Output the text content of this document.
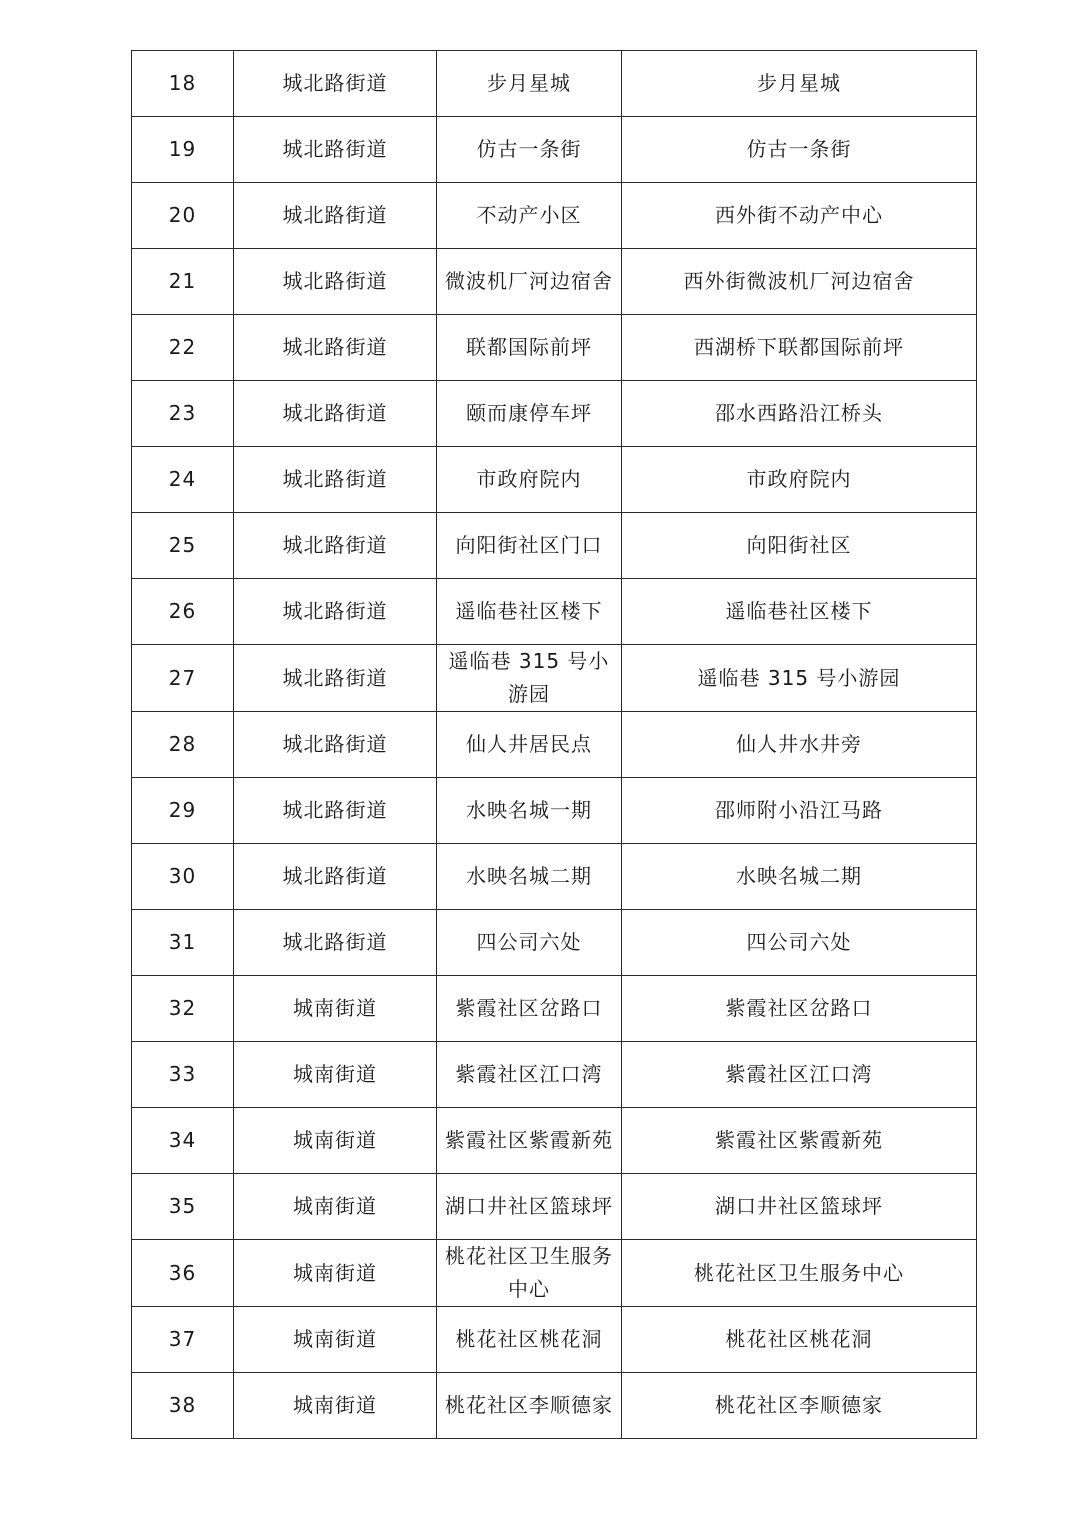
18	城北路街道	步月星城	步月星城
19	城北路街道	仿古一条街	仿古一条街
20	城北路街道	不动产小区	西外街不动产中心
21	城北路街道	微波机厂河边宿舍	西外街微波机厂河边宿舍
22	城北路街道	联都国际前坪	西湖桥下联都国际前坪
23	城北路街道	颐而康停车坪	邵水西路沿江桥头
24	城北路街道	市政府院内	市政府院内
25	城北路街道	向阳街社区门口	向阳街社区
26	城北路街道	遥临巷社区楼下	遥临巷社区楼下
27	城北路街道	遥临巷 315 号小游园	遥临巷 315 号小游园
28	城北路街道	仙人井居民点	仙人井水井旁
29	城北路街道	水映名城一期	邵师附小沿江马路
30	城北路街道	水映名城二期	水映名城二期
31	城北路街道	四公司六处	四公司六处
32	城南街道	紫霞社区岔路口	紫霞社区岔路口
33	城南街道	紫霞社区江口湾	紫霞社区江口湾
34	城南街道	紫霞社区紫霞新苑	紫霞社区紫霞新苑
35	城南街道	湖口井社区篮球坪	湖口井社区篮球坪
36	城南街道	桃花社区卫生服务中心	桃花社区卫生服务中心
37	城南街道	桃花社区桃花洞	桃花社区桃花洞
38	城南街道	桃花社区李顺德家	桃花社区李顺德家
